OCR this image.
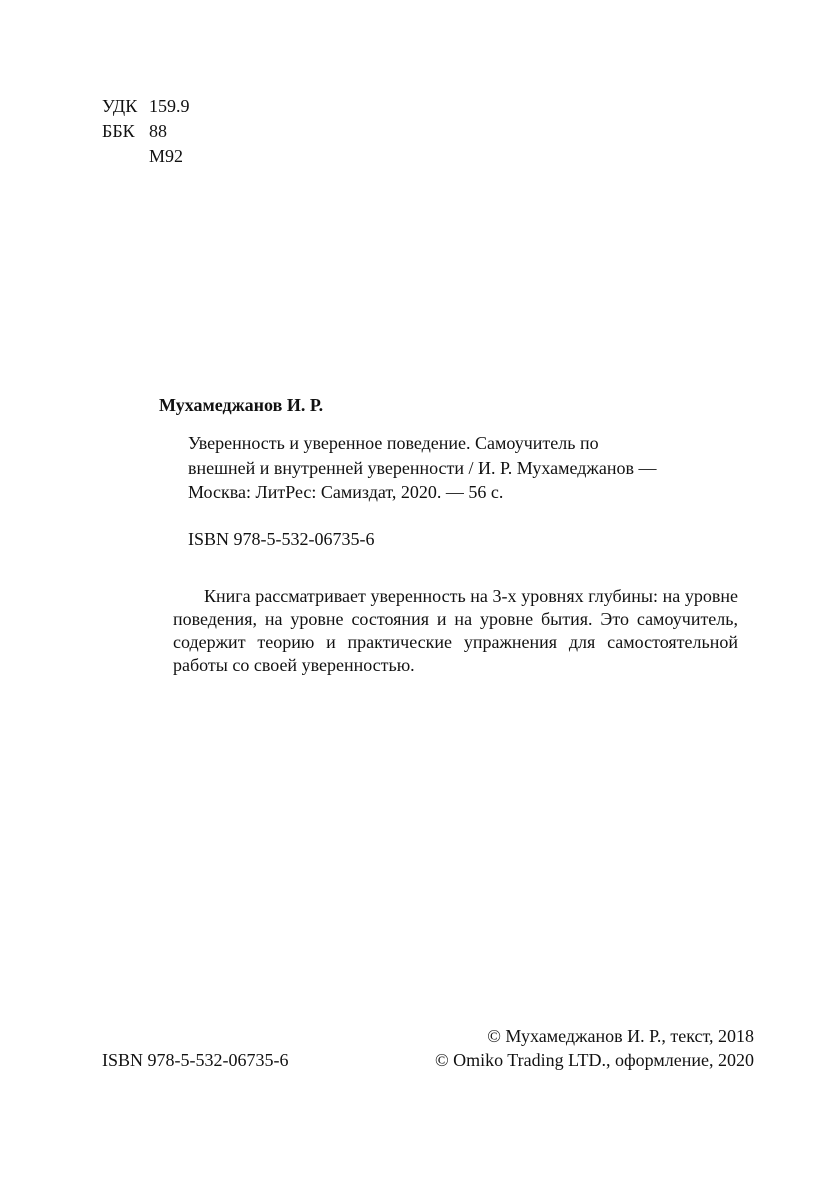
УДК 159.9
ББК 88
М92
Мухамеджанов И. Р.
Уверенность и уверенное поведение. Самоучитель по
внешней и внутренней уверенности / И. Р. Мухамеджанов —
Москва: ЛитРес: Самиздат, 2020. — 56 с.
ISBN 978-5-532-06735-6
Книга рассматривает уверенность на 3-х уровнях глубины: на уровне
поведения, на уровне состояния и на уровне бытия. Это самоучитель,
содержит теорию и практические упражнения для самостоятельной
работы со своей уверенностью.
ISBN 978-5-532-06735-6
© Мухамеджанов И. Р., текст, 2018
© Omiko Trading LTD., оформление, 2020
